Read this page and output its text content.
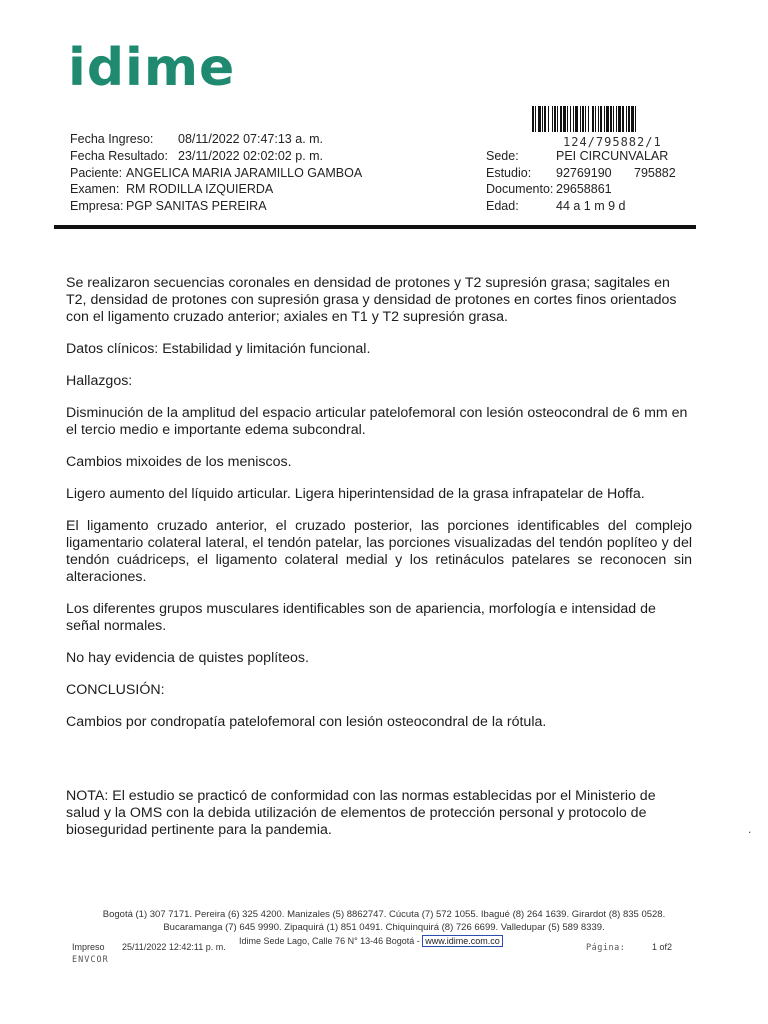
idime
124/795882/1
Fecha Ingreso: 08/11/2022 07:47:13 a. m.
Fecha Resultado: 23/11/2022 02:02:02 p. m.
Paciente: ANGELICA MARIA JARAMILLO GAMBOA
Examen: RM RODILLA IZQUIERDA
Empresa: PGP SANITAS PEREIRA
Sede:	PEI CIRCUNVALAR
Estudio: 92769190 795882
Documento: 29658861
Edad:	44 a 1 m 9 d

Se realizaron secuencias coronales en densidad de protones y T2 supresión grasa; sagitales en T2, densidad de protones con supresión grasa y densidad de protones en cortes finos orientados con el ligamento cruzado anterior; axiales en T1 y T2 supresión grasa.

Datos clínicos: Estabilidad y limitación funcional.

Hallazgos:

Disminución de la amplitud del espacio articular patelofemoral con lesión osteocondral de 6 mm en el tercio medio e importante edema subcondral.

Cambios mixoides de los meniscos.

Ligero aumento del líquido articular. Ligera hiperintensidad de la grasa infrapatelar de Hoffa.

El ligamento cruzado anterior, el cruzado posterior, las porciones identificables del complejo ligamentario colateral lateral, el tendón patelar, las porciones visualizadas del tendón poplíteo y del tendón cuádriceps, el ligamento colateral medial y los retináculos patelares se reconocen sin alteraciones.

Los diferentes grupos musculares identificables son de apariencia, morfología e intensidad de señal normales.

No hay evidencia de quistes poplíteos.

CONCLUSIÓN:

Cambios por condropatía patelofemoral con lesión osteocondral de la rótula.

NOTA: El estudio se practicó de conformidad con las normas establecidas por el Ministerio de salud y la OMS con la debida utilización de elementos de protección personal y protocolo de bioseguridad pertinente para la pandemia.	.
Bogotá (1) 307 7171. Pereira (6) 325 4200. Manizales (5) 8862747. Cúcuta (7) 572 1055. Ibagué (8) 264 1639. Girardot (8) 835 0528.
Bucaramanga (7) 645 9990. Zipaquirá (1) 851 0491. Chiquinquirá (8) 726 6699. Valledupar (5) 589 8339.
Impreso 25/11/2022 12:42:11 p. m.
Idime Sede Lago, Calle 76 N° 13-46 Bogotá - www.idime.com.co
Página:	1 of2
ENVCOR
